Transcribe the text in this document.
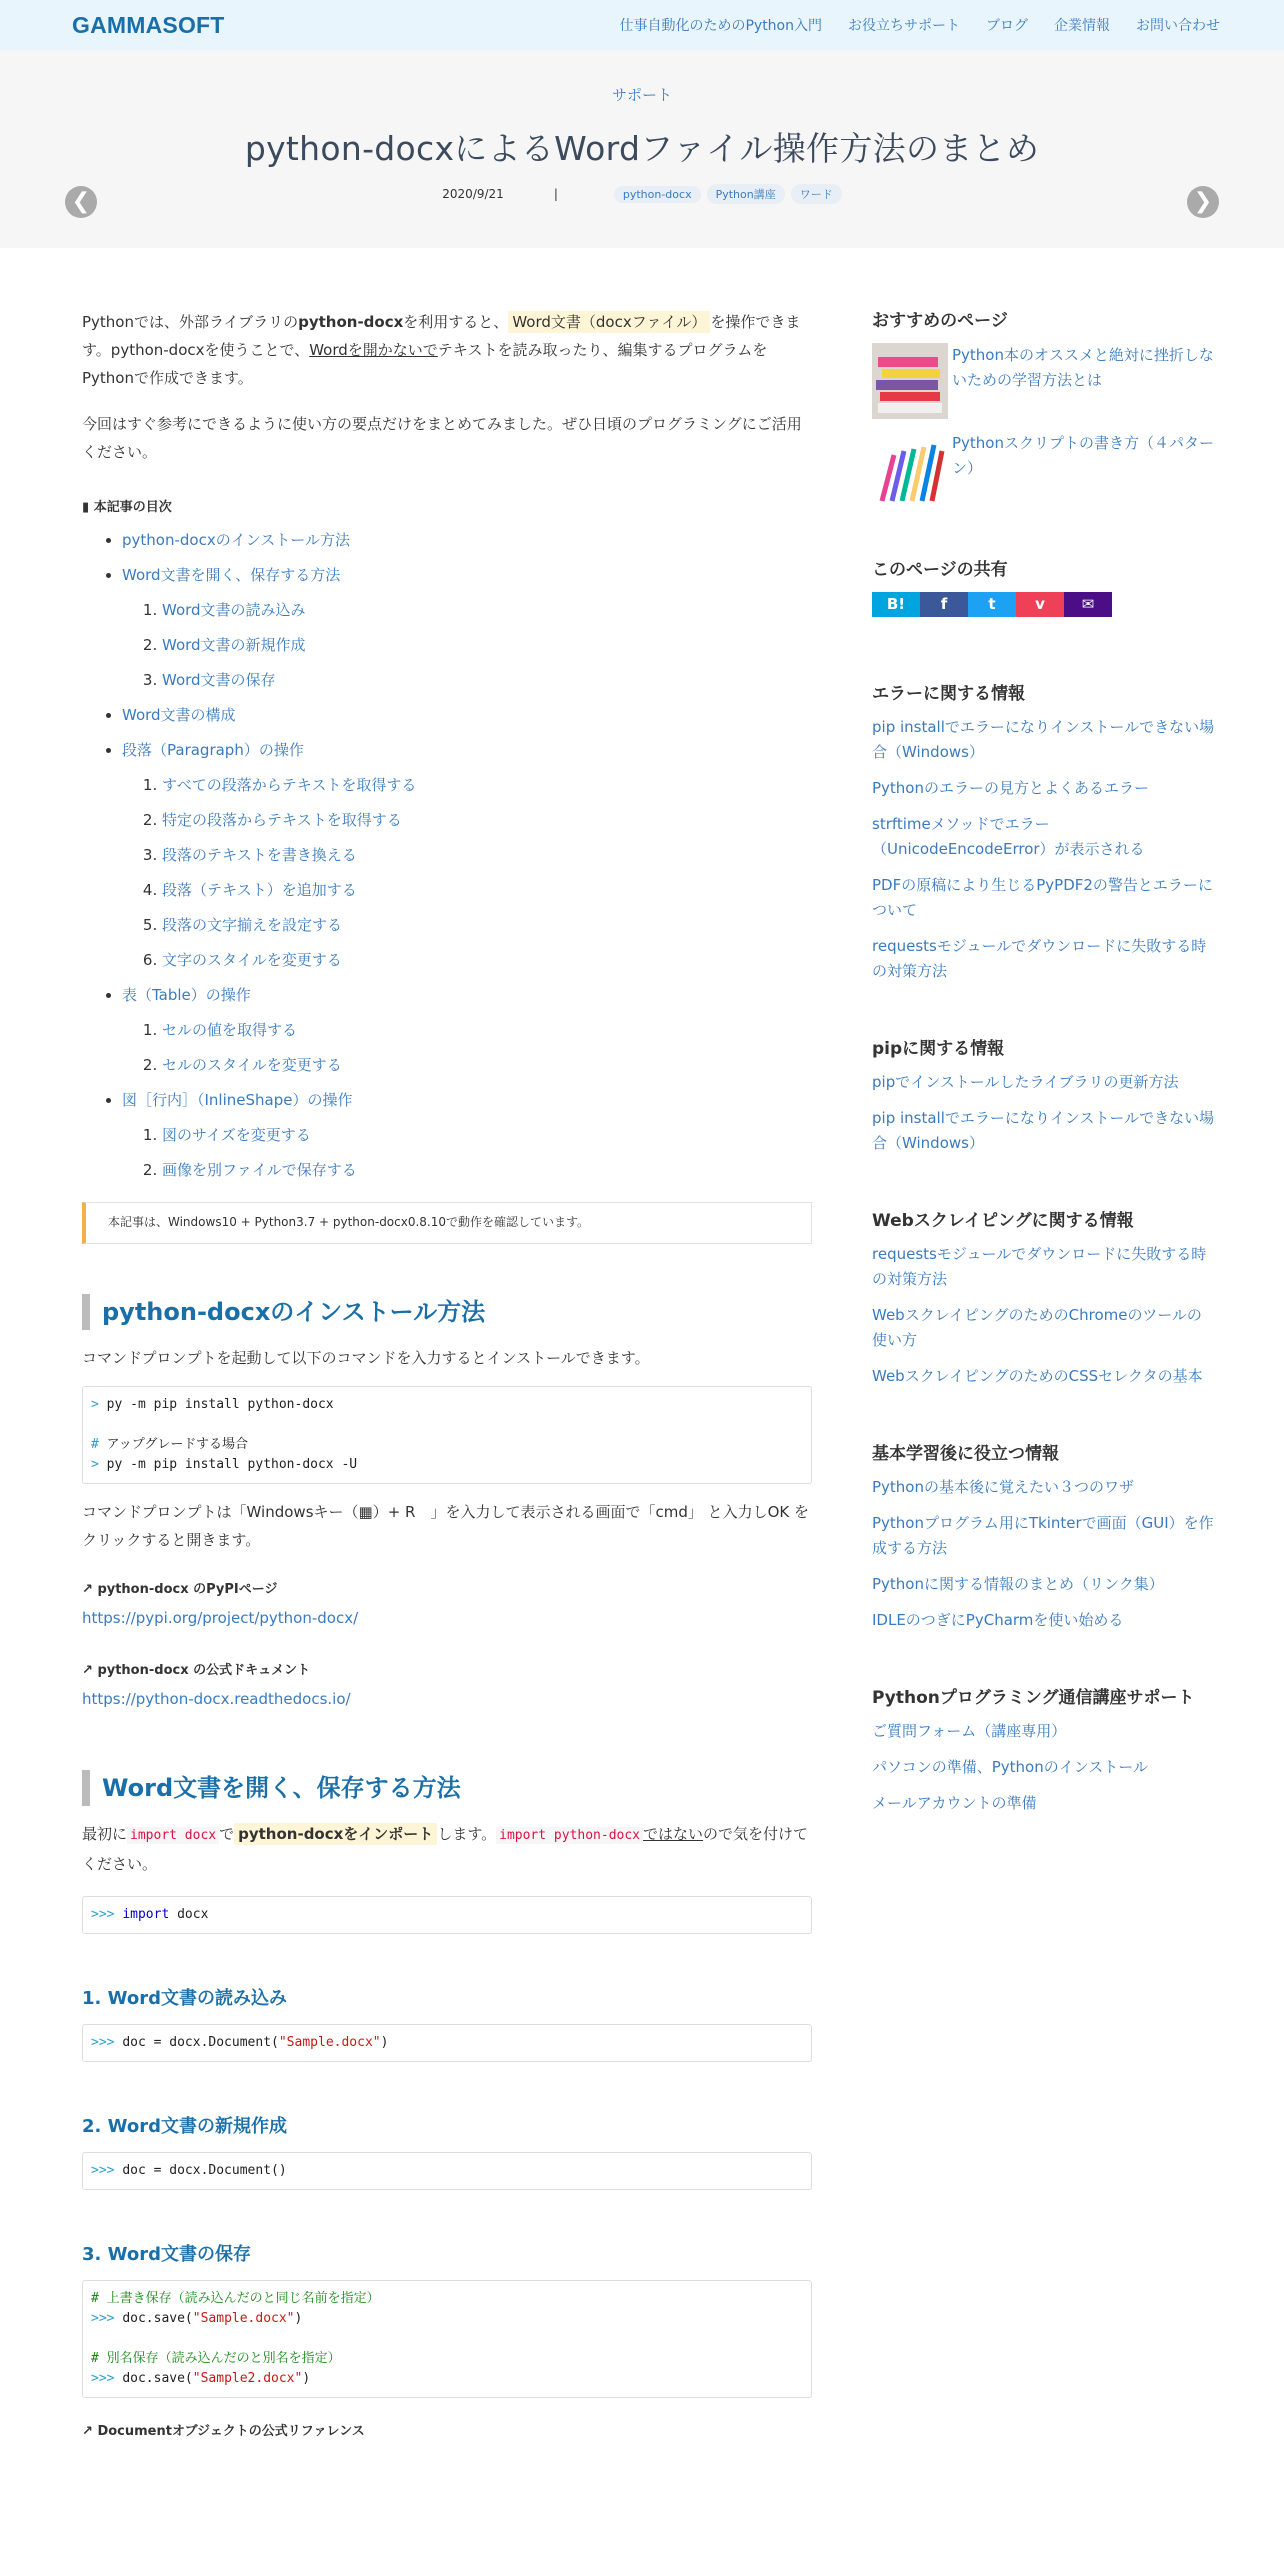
GAMMASOFT	仕事自動化のためのPython入門 お役立ちサポート ブログ 企業情報 お問い合わせ
❮	❯
サポート
python-docxによるWordファイル操作方法のまとめ
2020/9/21	|	python-docx	Python講座	ワード

Pythonでは、外部ライブラリのpython-docxを利用すると、 Word文書（docxファイル） を操作できます。python-docxを使うことで、Wordを開かないでテキストを読み取ったり、編集するプログラムをPythonで作成できます。

今回はすぐ参考にできるように使い方の要点だけをまとめてみました。ぜひ日頃のプログラミングにご活用ください。

▮ 本記事の目次
• python-docxのインストール方法
• Word文書を開く、保存する方法
1. Word文書の読み込み
2. Word文書の新規作成
3. Word文書の保存
• Word文書の構成
• 段落（Paragraph）の操作
1. すべての段落からテキストを取得する
2. 特定の段落からテキストを取得する
3. 段落のテキストを書き換える
4. 段落（テキスト）を追加する
5. 段落の文字揃えを設定する
6. 文字のスタイルを変更する
• 表（Table）の操作
1. セルの値を取得する
2. セルのスタイルを変更する
• 図［行内］（InlineShape）の操作
1. 図のサイズを変更する
2. 画像を別ファイルで保存する
本記事は、Windows10 + Python3.7 + python-docx0.8.10で動作を確認しています。
python-docxのインストール方法

コマンドプロンプトを起動して以下のコマンドを入力するとインストールできます。

> py -m pip install python-docx

# アップグレードする場合
> py -m pip install python-docx -U

コマンドプロンプトは「Windowsキー（▦）+ R　」を入力して表示される画面で「cmd」 と入力しOK をクリックすると開きます。

↗ python-docx のPyPIページ

https://pypi.org/project/python-docx/

↗ python-docx の公式ドキュメント

https://python-docx.readthedocs.io/

Word文書を開く、保存する方法

最初に import docx で python-docxをインポート します。 import python-docx ではないので気を付けてください。

>>> import docx
1. Word文書の読み込み
>>> doc = docx.Document("Sample.docx")
2. Word文書の新規作成
>>> doc = docx.Document()
3. Word文書の保存
# 上書き保存（読み込んだのと同じ名前を指定）
>>> doc.save("Sample.docx")

# 別名保存（読み込んだのと別名を指定）
>>> doc.save("Sample2.docx")
↗ Documentオブジェクトの公式リファレンス
おすすめのページ
Python本のオススメと絶対に挫折しないための学習方法とは
Pythonスクリプトの書き方（４パターン）
このページの共有
B!	f	t	v	✉
エラーに関する情報
pip installでエラーになりインストールできない場合（Windows）
Pythonのエラーの見方とよくあるエラー
strftimeメソッドでエラー（UnicodeEncodeError）が表示される
PDFの原稿により生じるPyPDF2の警告とエラーについて
requestsモジュールでダウンロードに失敗する時の対策方法
pipに関する情報
pipでインストールしたライブラリの更新方法
pip installでエラーになりインストールできない場合（Windows）
Webスクレイピングに関する情報
requestsモジュールでダウンロードに失敗する時の対策方法
WebスクレイピングのためのChromeのツールの使い方
WebスクレイピングのためのCSSセレクタの基本
基本学習後に役立つ情報
Pythonの基本後に覚えたい３つのワザ
Pythonプログラム用にTkinterで画面（GUI）を作成する方法
Pythonに関する情報のまとめ（リンク集）
IDLEのつぎにPyCharmを使い始める
Pythonプログラミング通信講座サポート
ご質問フォーム（講座専用）
パソコンの準備、Pythonのインストール
メールアカウントの準備
